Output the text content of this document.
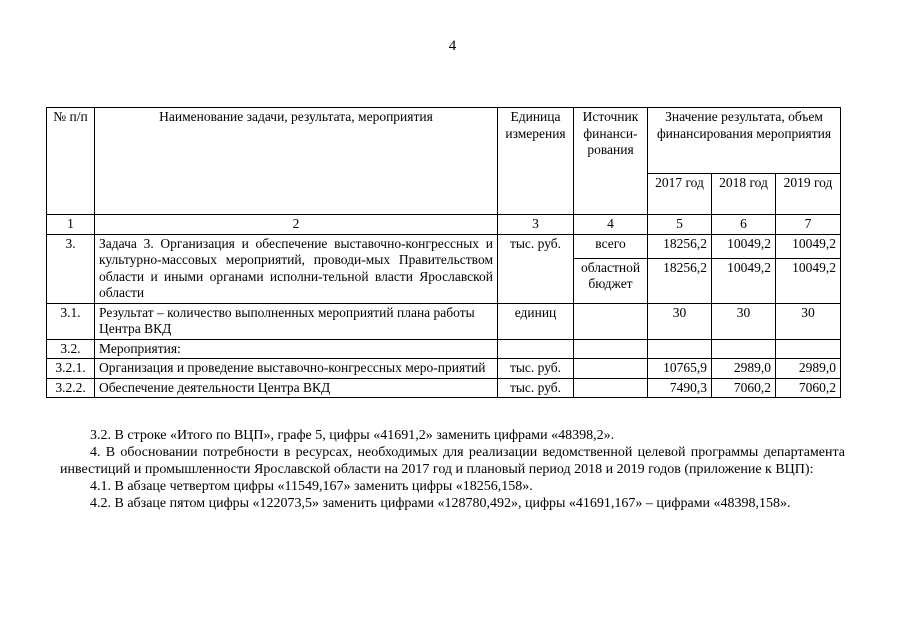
4
№ п/п	Наименование задачи, результата, мероприятия	Единица измерения	Источник финанси-рования	Значение результата, объем финансирования мероприятия		
				2017 год	2018 год	2019 год
1	2	3	4	5	6	7
3.	Задача 3. Организация и обеспечение выставочно-конгрессных и культурно-массовых мероприятий, проводи-мых Правительством области и иными органами исполни-тельной власти Ярославской области	тыс. руб.	всего	18256,2	10049,2	10049,2
			областной бюджет	18256,2	10049,2	10049,2
3.1.	Результат – количество выполненных мероприятий плана работы Центра ВКД	единиц		30	30	30
3.2.	Мероприятия:					
3.2.1.	Организация и проведение выставочно-конгрессных меро-приятий	тыс. руб.		10765,9	2989,0	2989,0
3.2.2.	Обеспечение деятельности Центра ВКД	тыс. руб.		7490,3	7060,2	7060,2

3.2. В строке «Итого по ВЦП», графе 5, цифры «41691,2» заменить цифрами «48398,2».

4. В обосновании потребности в ресурсах, необходимых для реализации ведомственной целевой программы департамента инвестиций и промышленности Ярославской области на 2017 год и плановый период 2018 и 2019 годов (приложение к ВЦП):

4.1. В абзаце четвертом цифры «11549,167» заменить цифры «18256,158».

4.2. В абзаце пятом цифры «122073,5» заменить цифрами «128780,492», цифры «41691,167» – цифрами «48398,158».
